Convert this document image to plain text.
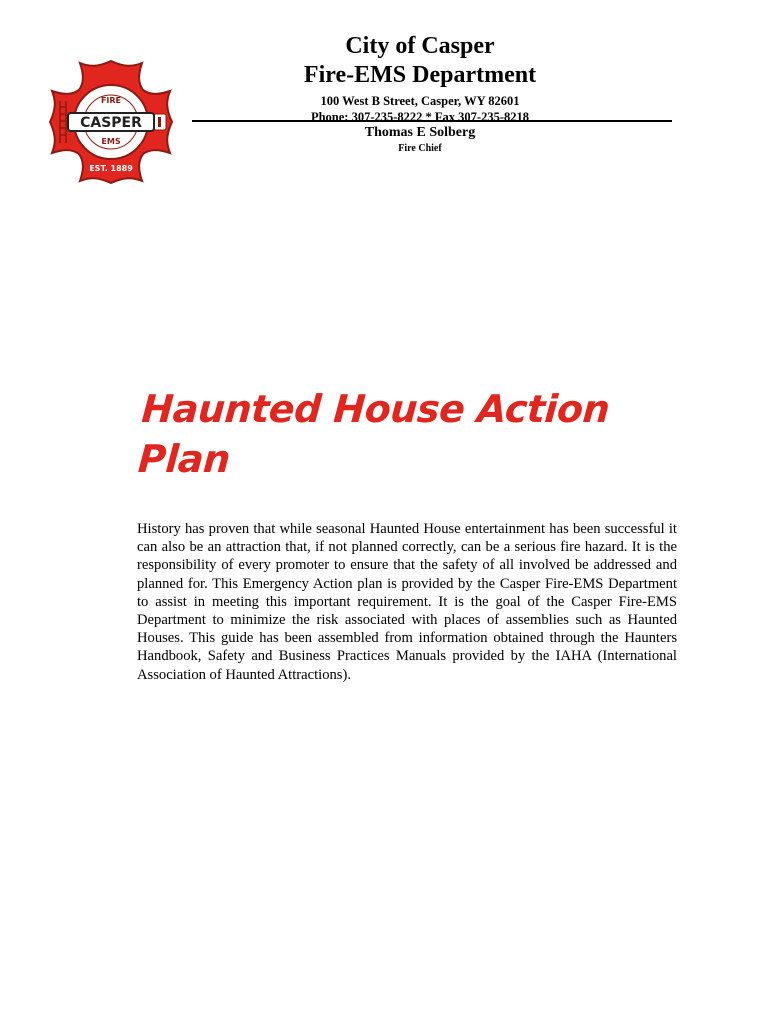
CASPER
FIRE
EMS
EST. 1889
City of Casper
Fire-EMS Department
100 West B Street, Casper, WY 82601
Phone: 307-235-8222 * Fax 307-235-8218
Thomas E Solberg
Fire Chief
Haunted House Action Plan
History has proven that while seasonal Haunted House entertainment has been successful it can also be an attraction that, if not planned correctly, can be a serious fire hazard. It is the responsibility of every promoter to ensure that the safety of all involved be addressed and planned for. This Emergency Action plan is provided by the Casper Fire-EMS Department to assist in meeting this important requirement. It is the goal of the Casper Fire-EMS Department to minimize the risk associated with places of assemblies such as Haunted Houses. This guide has been assembled from information obtained through the Haunters Handbook, Safety and Business Practices Manuals provided by the IAHA (International Association of Haunted Attractions).
